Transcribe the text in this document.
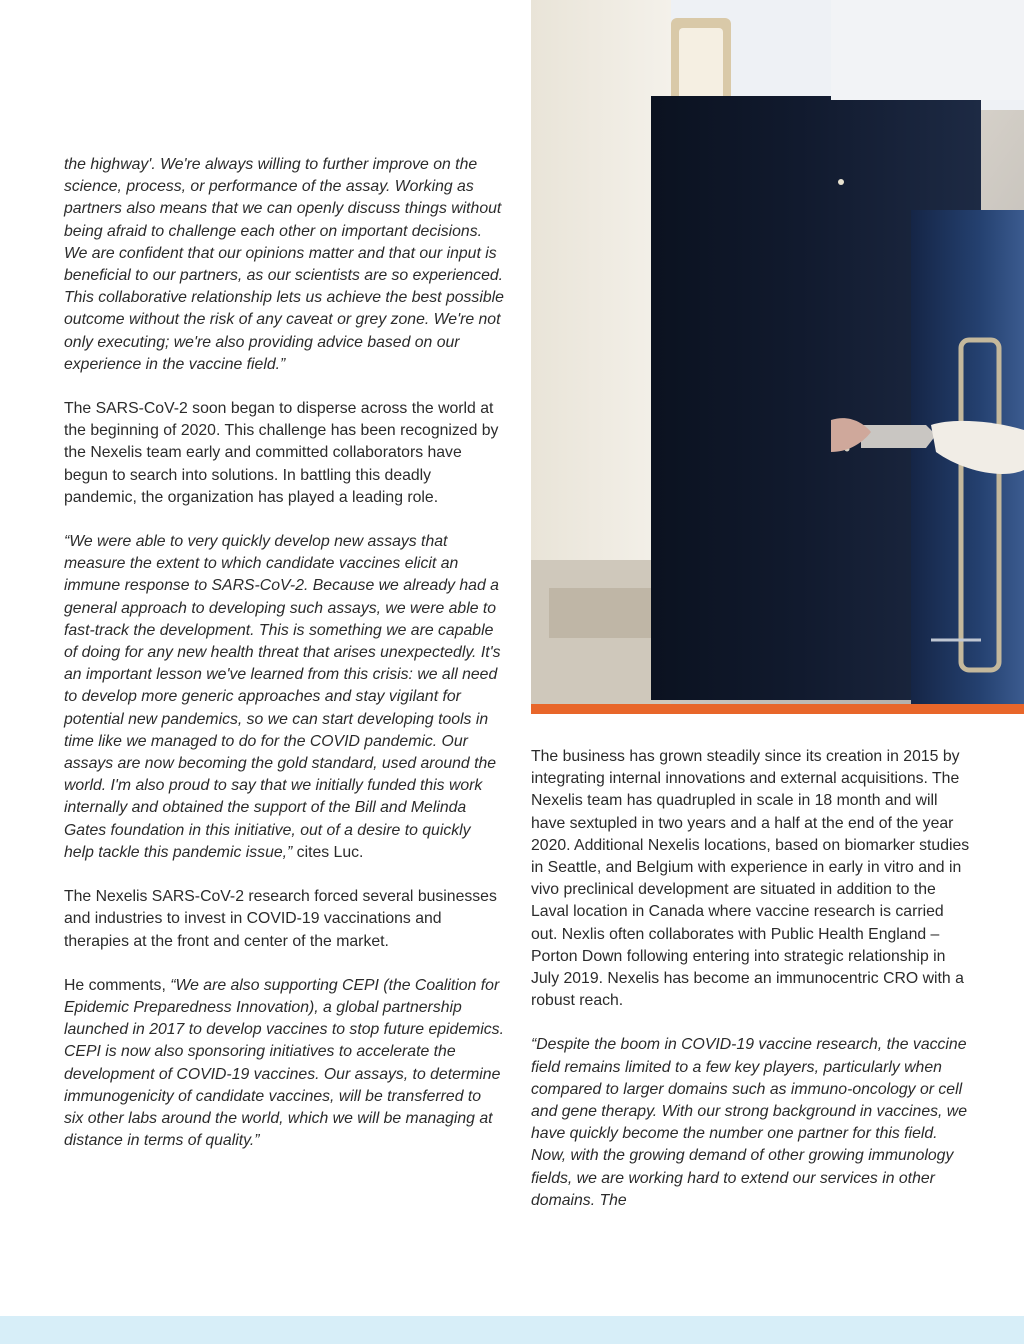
the highway'. We're always willing to further improve on the science, process, or performance of the assay. Working as partners also means that we can openly discuss things without being afraid to challenge each other on important decisions. We are confident that our opinions matter and that our input is beneficial to our partners, as our scientists are so experienced. This collaborative relationship lets us achieve the best possible outcome without the risk of any caveat or grey zone. We're not only executing; we're also providing advice based on our experience in the vaccine field.”

The SARS-CoV-2 soon began to disperse across the world at the beginning of 2020. This challenge has been recognized by the Nexelis team early and committed collaborators have begun to search into solutions. In battling this deadly pandemic, the organization has played a leading role.

“We were able to very quickly develop new assays that measure the extent to which candidate vaccines elicit an immune response to SARS-CoV-2. Because we already had a general approach to developing such assays, we were able to fast-track the development. This is something we are capable of doing for any new health threat that arises unexpectedly. It's an important lesson we've learned from this crisis: we all need to develop more generic approaches and stay vigilant for potential new pandemics, so we can start developing tools in time like we managed to do for the COVID pandemic. Our assays are now becoming the gold standard, used around the world. I'm also proud to say that we initially funded this work internally and obtained the support of the Bill and Melinda Gates foundation in this initiative, out of a desire to quickly help tackle this pandemic issue,” cites Luc.

The Nexelis SARS-CoV-2 research forced several businesses and industries to invest in COVID-19 vaccinations and therapies at the front and center of the market.

He comments, “We are also supporting CEPI (the Coalition for Epidemic Preparedness Innovation), a global partnership launched in 2017 to develop vaccines to stop future epidemics. CEPI is now also sponsoring initiatives to accelerate the development of COVID-19 vaccines. Our assays, to determine immunogenicity of candidate vaccines, will be transferred to six other labs around the world, which we will be managing at distance in terms of quality.”

The business has grown steadily since its creation in 2015 by integrating internal innovations and external acquisitions. The Nexelis team has quadrupled in scale in 18 month and will have sextupled in two years and a half at the end of the year 2020. Additional Nexelis locations, based on biomarker studies in Seattle, and Belgium with experience in early in vitro and in vivo preclinical development are situated in addition to the Laval location in Canada where vaccine research is carried out. Nexlis often collaborates with Public Health England – Porton Down following entering into strategic relationship in July 2019. Nexelis has become an immunocentric CRO with a robust reach.

“Despite the boom in COVID-19 vaccine research, the vaccine field remains limited to a few key players, particularly when compared to larger domains such as immuno-oncology or cell and gene therapy. With our strong background in vaccines, we have quickly become the number one partner for this field. Now, with the growing demand of other growing immunology fields, we are working hard to extend our services in other domains. The
